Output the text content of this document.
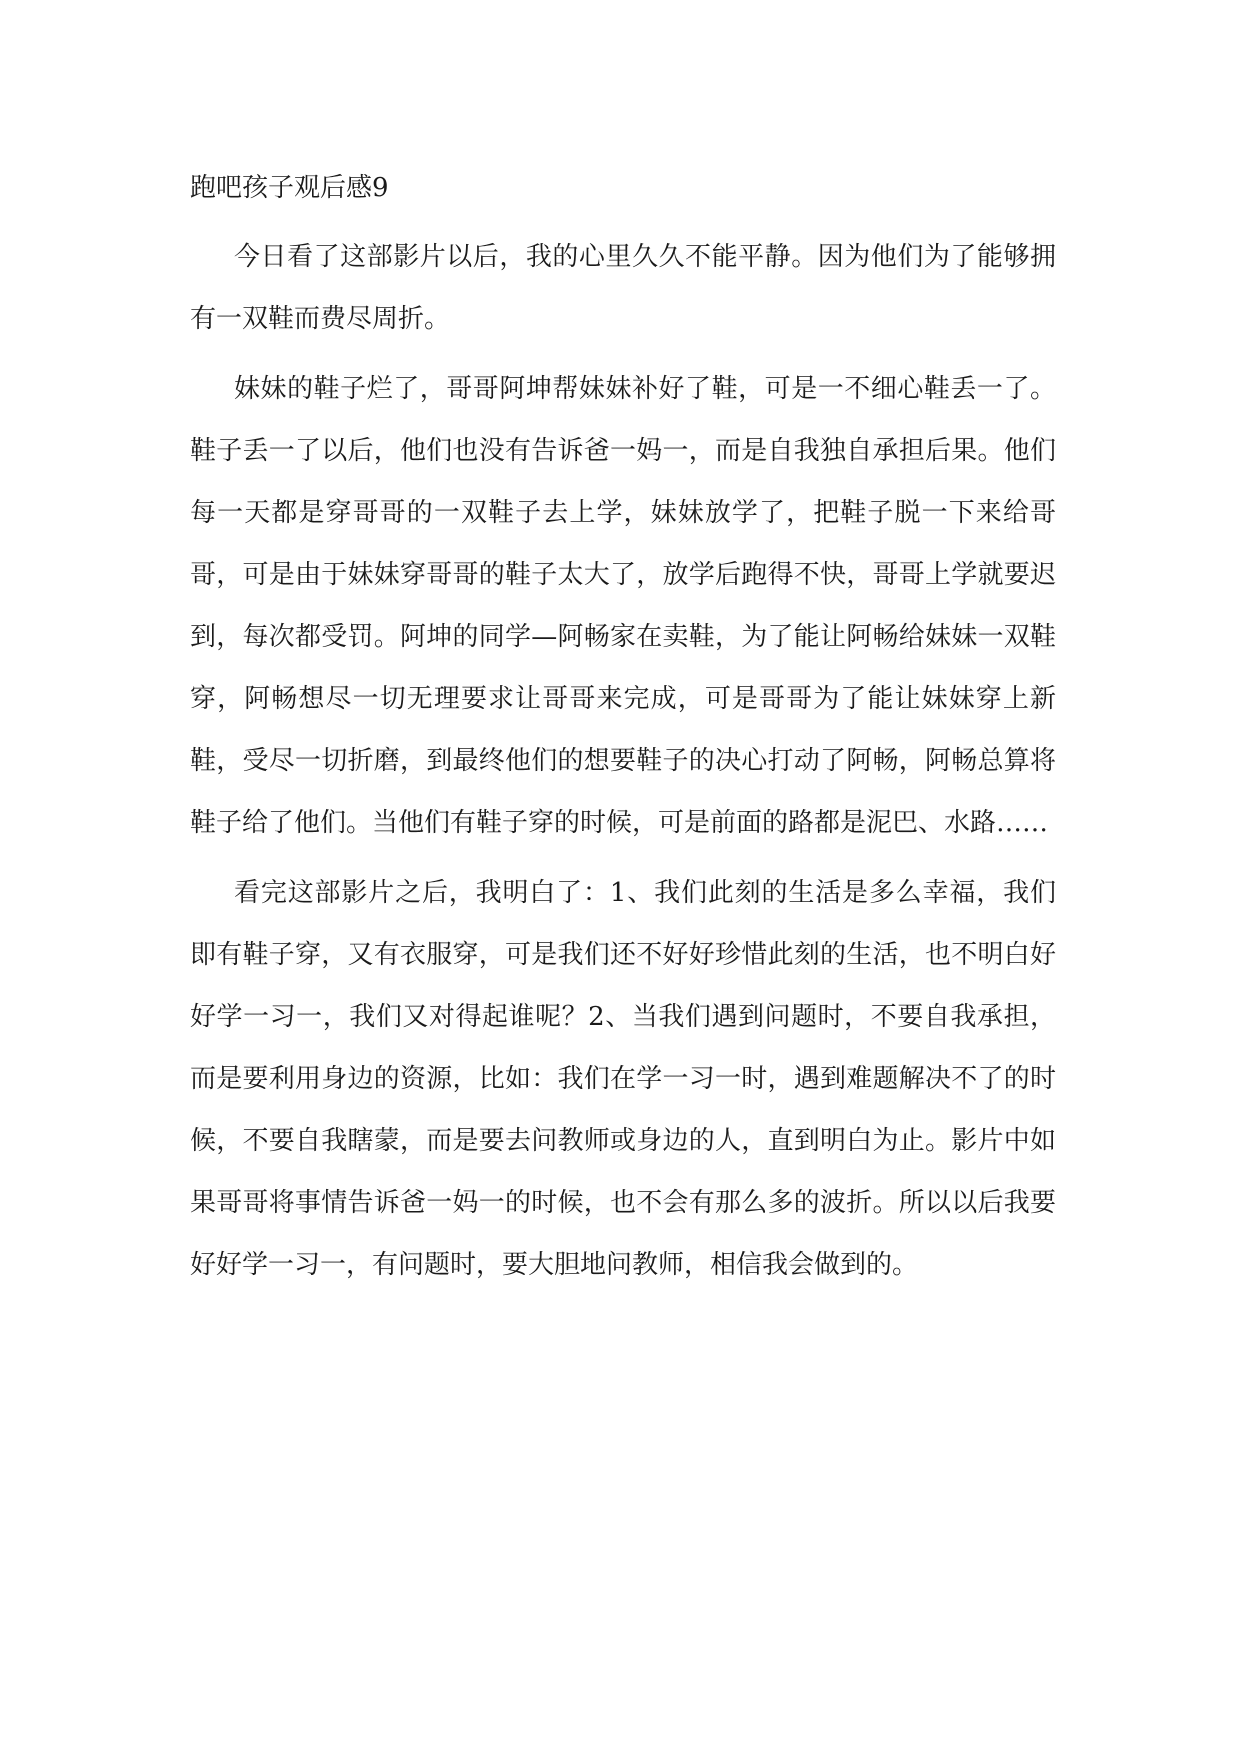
跑吧孩子观后感9

今日看了这部影片以后，我的心里久久不能平静。因为他们为了能够拥有一双鞋而费尽周折。

妹妹的鞋子烂了，哥哥阿坤帮妹妹补好了鞋，可是一不细心鞋丢一了。鞋子丢一了以后，他们也没有告诉爸一妈一，而是自我独自承担后果。他们每一天都是穿哥哥的一双鞋子去上学，妹妹放学了，把鞋子脱一下来给哥哥，可是由于妹妹穿哥哥的鞋子太大了，放学后跑得不快，哥哥上学就要迟到，每次都受罚。阿坤的同学—阿畅家在卖鞋，为了能让阿畅给妹妹一双鞋穿，阿畅想尽一切无理要求让哥哥来完成，可是哥哥为了能让妹妹穿上新鞋，受尽一切折磨，到最终他们的想要鞋子的决心打动了阿畅，阿畅总算将鞋子给了他们。当他们有鞋子穿的时候，可是前面的路都是泥巴、水路……

看完这部影片之后，我明白了：1、我们此刻的生活是多么幸福，我们即有鞋子穿，又有衣服穿，可是我们还不好好珍惜此刻的生活，也不明白好好学一习一，我们又对得起谁呢？2、当我们遇到问题时，不要自我承担，而是要利用身边的资源，比如：我们在学一习一时，遇到难题解决不了的时候，不要自我瞎蒙，而是要去问教师或身边的人，直到明白为止。影片中如果哥哥将事情告诉爸一妈一的时候，也不会有那么多的波折。所以以后我要好好学一习一，有问题时，要大胆地问教师，相信我会做到的。
